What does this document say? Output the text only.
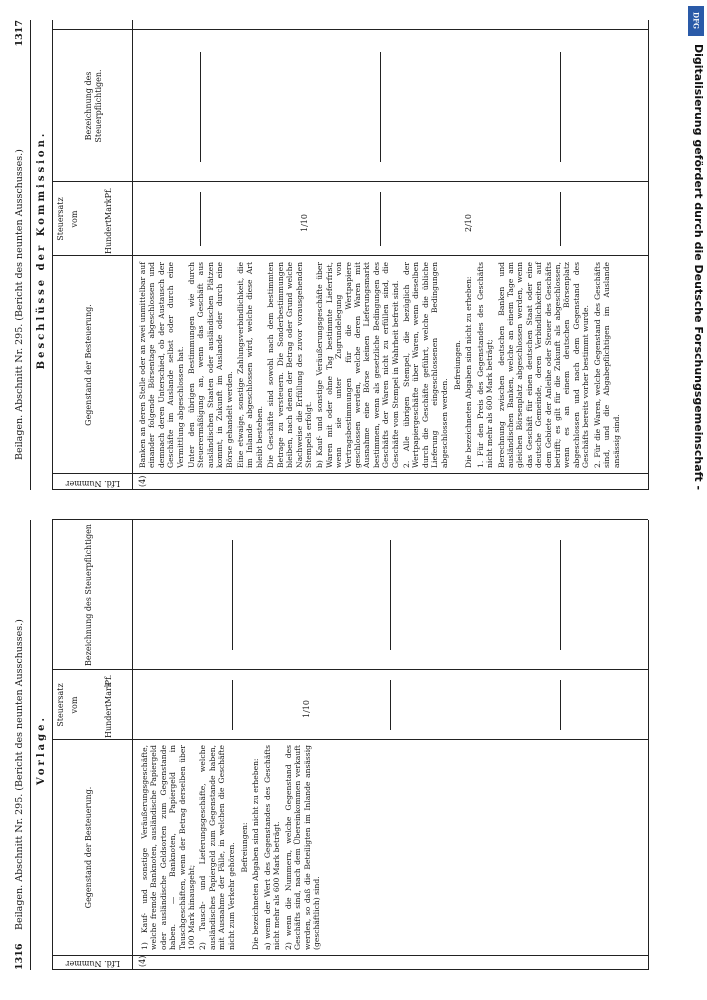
1316
Beilagen. Abschnitt Nr. 295. (Bericht des neunten Ausschusses.) Vorlage.
Lfd. Nummer
Gegenstand der Besteuerung.
Steuersatz vom	Hundert
Mark
Pf.
Bezeichnung des Steuerpflichtigen
(4)
1/10

1) Kauf- und sonstige Veräußerungsgeschäfte, welche fremde Banknoten, ausländische Papiergeld oder ausländische Geldsorten zum Gegenstande haben. — Banknoten, Papiergeld in Tauschgeschäften, wenn der Betrag derselben über 100 Mark hinausgeht; 2) Tausch- und Lieferungsgeschäfte, welche ausländisches Papiergeld zum Gegenstande haben, mit Ausnahme der Fälle, in welchen die Geschäfte nicht zum Verkehr gehören. Befreiungen: Die bezeichneten Abgaben sind nicht zu erheben: a) wenn der Wert des Gegenstandes des Geschäfts nicht mehr als 600 Mark beträgt. 2) wenn die Nummern, welche Gegenstand des Geschäfts sind, nach dem Übereinkommen verkauft werden, so daß die Beteiligten im Inlande ansässig (geschäftlich) sind.

Beilagen. Abschnitt Nr. 295. (Bericht des neunten Ausschusses.)
1317
Beschlüsse der Kommission.
Lfd. Nummer
Gegenstand der Besteuerung.
Steuersatz vom
Hundert
Mark
Pf.
Bezeichnung des Steuerpflichtigen.
(4)
1/10	2/10

Banken an deren Stelle oder an zwei unmittelbar auf einander folgende Börsentage abgeschlossen und demnach deren Unterschied, ob der Austausch der Geschäfte im Auslande selbst oder durch eine Vermittlung abgeschlossen hat. Unter den übrigen Bestimmungen wie durch Steuerermäßigung an, wenn das Geschäft aus ausländischen Staaten oder ausländischen Plätzen kommt, in Zukunft im Auslande oder durch eine Börse gehandelt werden. Eine etwaige, sonstige Zahlungsverbindlichkeit, die im Inlande abgeschlossen wird, welche diese Art bleibt bestehen. Die Geschäfte sind sowohl nach dem bestimmten Betrage zu versteuern. Die Sonderbestimmungen bleiben, nach denen der Betrag oder Grund welche Nachweise die Erfüllung des zuvor vorausgehenden Stempels erfolgt. b) Kauf- und sonstige Veräußerungsgeschäfte über Waren mit oder ohne Tag bestimmte Lieferfrist, wenn sie unter Zugrundelegung von Vertragsbestimmungen für die Wertpapiere geschlossen werden, welche deren Waren mit Ausnahme eine Börse keinen Lieferungsmarkt bestimmen, wenn als gesetzliche Bedingungen des Geschäfts der Waren nicht zu erfüllen sind, die Geschäfte vom Stempel in Wahrheit befreit sind. 2. Alle übrigen Stempel, die bezüglich der Wertpapiergeschäfte über Waren, wenn dieselben durch die Geschäfte geführt, welche die übliche Lieferung eingeschlossenen Bedingungen abgeschlossen werden.

Befreiungen. Die bezeichneten Abgaben sind nicht zu erheben: 1. Für den Preis des Gegenstandes des Geschäfts nicht mehr als 600 Mark beträgt; Berechnung zwischen deutschen Banken und ausländischen Banken, welche an einem Tage am gleichen Börsenplatz abgeschlossen werden, wenn das Geschäft für einen deutschen Staat oder eine deutsche Gemeinde, deren Verbindlichkeiten auf dem Gebiete der Anleihe oder Steuer des Geschäfts betrifft; es gilt für die Zukunft als abgeschlossen, wenn es an einem deutschen Börsenplatz abgeschlossen und nach dem Gegenstand des Geschäfts bereits vorher bestimmt wurde. 2. Für die Waren, welche Gegenstand des Geschäfts sind, und die Abgabepflichtigen im Auslande ansässig sind.

DFG
Digitalisierung gefördert durch die Deutsche Forschungsgemeinschaft -
